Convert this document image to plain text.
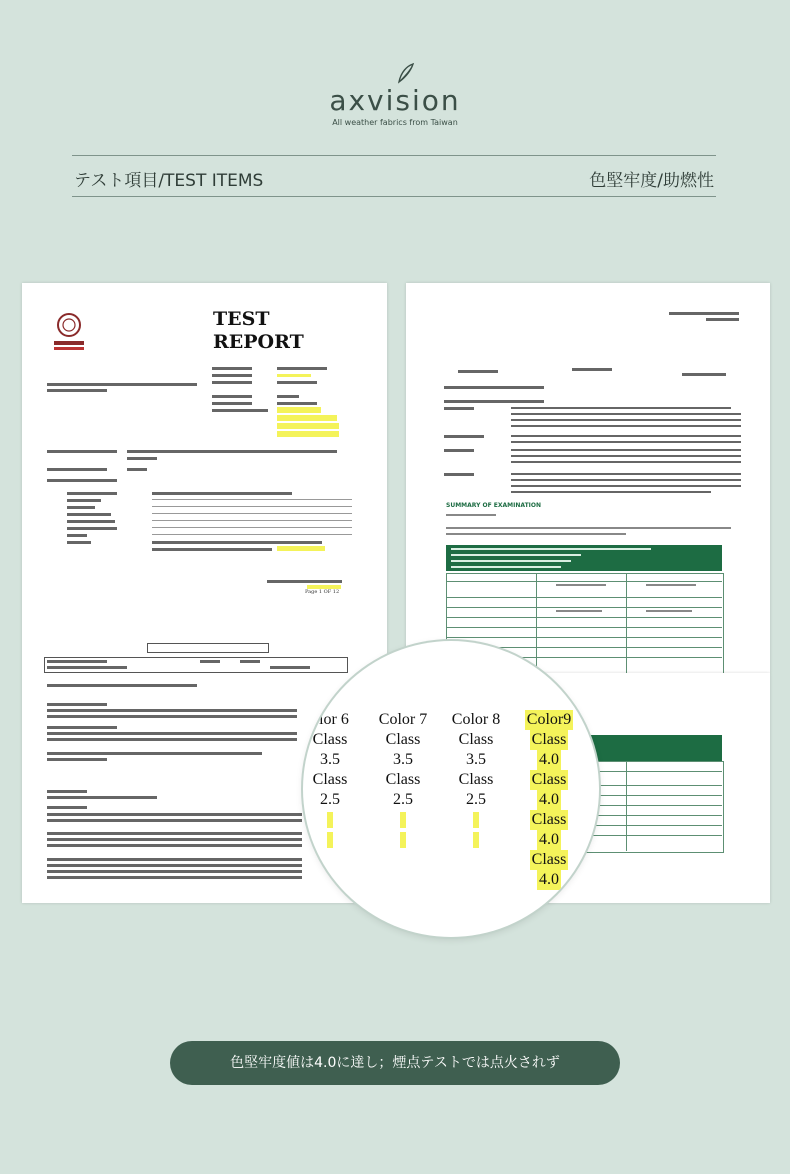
axvision
All weather fabrics from Taiwan
テスト項目/TEST ITEMS	色堅牢度/助燃性
TEST
REPORT
Page 1 OF 12
SUMMARY OF EXAMINATION
olor 6
Class
3.5
Class
2.5
Color 7
Class
3.5
Class
2.5
Color 8
Class
3.5
Class
2.5
Color9
Class
4.0
Class
4.0
Class
4.0
Class
4.0
色堅牢度値は4.0に達し；煙点テストでは点火されず
